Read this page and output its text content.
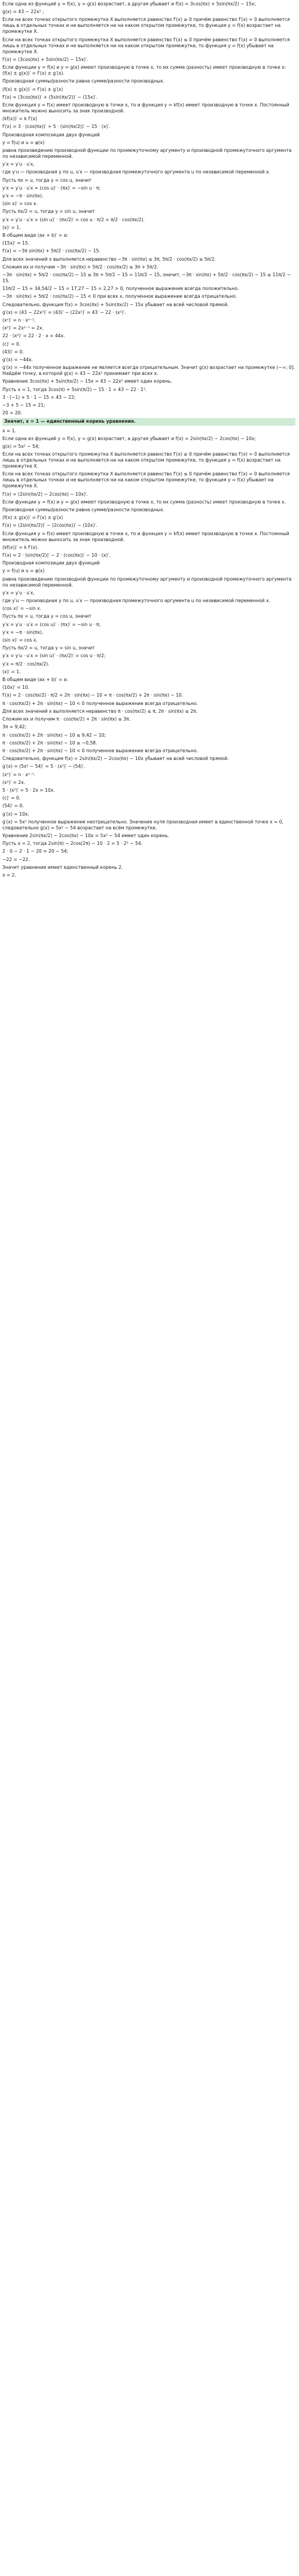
Если одна из функций y = f(x), y = g(x) возрастает, а другая убывает и f(x) = 3cos(πx) + 5sin(πx/2) − 15x;
g(x) = 43 − 22x² ;
Если на всех точках открытого промежутка X выполняется равенство f′(x) ≥ 0 причём равенство f′(x) = 0 выполняется лишь в отдельных точках и не выполняется ни на каком открытом промежутке, то функция y = f(x) возрастает на промежутке X.
Если на всех точках открытого промежутка X выполняется равенство f′(x) ≤ 0 причём равенство f′(x) = 0 выполняется лишь в отдельных точках и не выполняется ни на каком открытом промежутке, то функция y = f(x) убывает на промежутке X.
f′(x) = (3cos(πx) + 5sin(πx/2) − 15x)′.
Если функции y = f(x) и y = g(x) имеют производную в точке x, то их сумма (разность) имеет производную в точке x: (f(x) ± g(x))′ = f′(x) ± g′(x).
Производная суммы/разности равна сумме/разности производных.
(f(x) ± g(x))′ = f′(x) ± g′(x)
f′(x) = (3cos(πx))′ + (5sin(πx/2))′ − (15x)′.
Если функция y = f(x) имеет производную в точке x, то и функция y = kf(x) имеет производную в точке x. Постоянный множитель можно выносить за знак производной.
(kf(x))′ = k f′(x)
f′(x) = 3 · (cos(πx))′ + 5 · (sin(πx/2))′ − 15 · (x)′.
Производная композиции двух функций
y = f(u) и u = φ(x)
равна произведению производной функции по промежуточному аргументу и производной промежуточного аргумента по независимой переменной.
y′x = y′u · u′x,
где y′u — производная y по u, u′x — производная промежуточного аргумента u по независимой переменной x.
Пусть πx = u, тогда y = cos u, значит
y′x = y′u · u′x = (cos u)′ · (πx)′ = −sin u · π;
y′x = −π · sin(πx).
(sin x)′ = cos x.
Пусть πx/2 = u, тогда y = sin u, значит
y′x = y′u · u′x = (sin u)′ · (πx/2)′ = cos u · π/2 = π/2 · cos(πx/2).
(x)′ = 1.
В общем виде (ax + b)′ = a:
(15x)′ = 15.
f′(x) = −3π sin(πx) + 5π/2 · cos(πx/2) − 15.
Для всех значений x выполняется неравенство −3π · sin(πx) ≤ 3π, 5π/2 · cos(πx/2) ≤ 5π/2.
Сложим их и получим −3π · sin(πx) + 5π/2 · cos(πx/2) ≤ 3π + 5π/2.
−3π · sin(πx) + 5π/2 · cos(πx/2) − 15 ≤ 3π + 5π/2 − 15 = 11π/2 − 15, значит, −3π · sin(πx) + 5π/2 · cos(πx/2) − 15 ≤ 11π/2 − 15.
11π/2 − 15 ≈ 34,54/2 − 15 = 17,27 − 15 = 2,27 > 0, полученное выражение всегда положительно.
−3π · sin(πx) + 5π/2 · cos(πx/2) − 15 < 0 при всех x, полученное выражение всегда отрицательно.
Следовательно, функция f(x) = 3cos(πx) + 5sin(πx/2) − 15x убывает на всей числовой прямой.
g′(x) = (43 − 22x²)′ = (43)′ − (22x²)′ = 43′ − 22 · (x²)′.
(xⁿ)′ = n · xⁿ⁻¹.
(x²)′ = 2x²⁻¹ = 2x.
22 · (x²)′ = 22 · 2 · x = 44x.
(c)′ = 0.
(43)′ = 0.
g′(x) = −44x.
g′(x) = −44x полученное выражение не является всегда отрицательным. Значит g(x) возрастает на промежутке (−∞; 0]. Найдём точку, в которой g(x) = 43 − 22x² принимает при всех x.
Уравнение 3cos(πx) + 5sin(πx/2) − 15x = 43 − 22x² имеет один корень.
Пусть x = 1, тогда 3cos(π) + 5sin(π/2) − 15 · 1 = 43 − 22 · 1².
3 · (−1) + 5 · 1 − 15 = 43 − 22;
−3 + 5 − 15 = 21;
20 = 20.
Значит, x = 1 — единственный корень уравнения.
x = 1.
Если одна из функций y = f(x), y = g(x) возрастает, а другая убывает и f(x) = 2sin(πx/2) − 2cos(πx) − 10x;
g(x) = 5x² − 54;
Если на всех точках открытого промежутка X выполняется равенство f′(x) ≥ 0 причём равенство f′(x) = 0 выполняется лишь в отдельных точках и не выполняется ни на каком открытом промежутке, то функция y = f(x) возрастает на промежутке X.
Если на всех точках открытого промежутка X выполняется равенство f′(x) ≤ 0 причём равенство f′(x) = 0 выполняется лишь в отдельных точках и не выполняется ни на каком открытом промежутке, то функция y = f(x) убывает на промежутке X.
f′(x) = (2sin(πx/2) − 2cos(πx) − 10x)′.
Если функции y = f(x) и y = g(x) имеют производную в точке x, то их сумма (разность) имеет производную в точке x.
Производная суммы/разности равна сумме/разности производных.
(f(x) ± g(x))′ = f′(x) ± g′(x)
f′(x) = (2sin(πx/2))′ − (2cos(πx))′ − (10x)′.
Если функция y = f(x) имеет производную в точке x, то и функция y = kf(x) имеет производную в точке x. Постоянный множитель можно выносить за знак производной.
(kf(x))′ = k f′(x).
f′(x) = 2 · (sin(πx/2))′ − 2 · (cos(πx))′ − 10 · (x)′.
Производная композиции двух функций
y = f(u) и u = φ(x)
равна произведению производной функции по промежуточному аргументу и производной промежуточного аргумента по независимой переменной.
y′x = y′u · u′x,
где y′u — производная y по u, u′x — производная промежуточного аргумента u по независимой переменной x.
(cos x)′ = −sin x.
Пусть πx = u, тогда y = cos u, значит
y′x = y′u · u′x = (cos u)′ · (πx)′ = −sin u · π;
y′x = −π · sin(πx).
(sin x)′ = cos x.
Пусть πx/2 = u, тогда y = sin u, значит
y′x = y′u · u′x = (sin u)′ · (πx/2)′ = cos u · π/2;
y′x = π/2 · cos(πx/2).
(x)′ = 1.
В общем виде (ax + b)′ = a:
(10x)′ = 10.
f′(x) = 2 · cos(πx/2) · π/2 + 2π · sin(πx) − 10 = π · cos(πx/2) + 2π · sin(πx) − 10.
π · cos(πx/2) + 2π · sin(πx) − 10 < 0 полученное выражение всегда отрицательно.
Для всех значений x выполняется неравенство π · cos(πx/2) ≤ π, 2π · sin(πx) ≤ 2π.
Сложим их и получим π · cos(πx/2) + 2π · sin(πx) ≤ 3π.
3π ≈ 9,42;
π · cos(πx/2) + 2π · sin(πx) − 10 ≤ 9,42 − 10;
π · cos(πx/2) + 2π · sin(πx) − 10 ≤ −0,58.
π · cos(πx/2) + 2π · sin(πx) − 10 < 0 полученное выражение всегда отрицательно.
Следовательно, функция f(x) = 2sin(πx/2) − 2cos(πx) − 10x убывает на всей числовой прямой.
g′(x) = (5x² − 54)′ = 5 · (x²)′ − (54)′.
(xⁿ)′ = n · xⁿ⁻¹.
(x²)′ = 2x.
5 · (x²)′ = 5 · 2x = 10x.
(c)′ = 0.
(54)′ = 0.
g′(x) = 10x.
g′(x) = 5x² полученное выражение неотрицательно. Значение нуля производная имеет в единственной точке x = 0, следовательно g(x) = 5x² − 54 возрастает на всём промежутке.
Уравнение 2sin(πx/2) − 2cos(πx) − 10x = 5x² − 54 имеет один корень.
Пусть x = 2, тогда 2sin(π) − 2cos(2π) − 10 · 2 = 5 · 2² − 54.
2 · 0 − 2 · 1 − 20 = 20 − 54;
−22 = −22.
Значит уравнение имеет единственный корень 2.
x = 2.
